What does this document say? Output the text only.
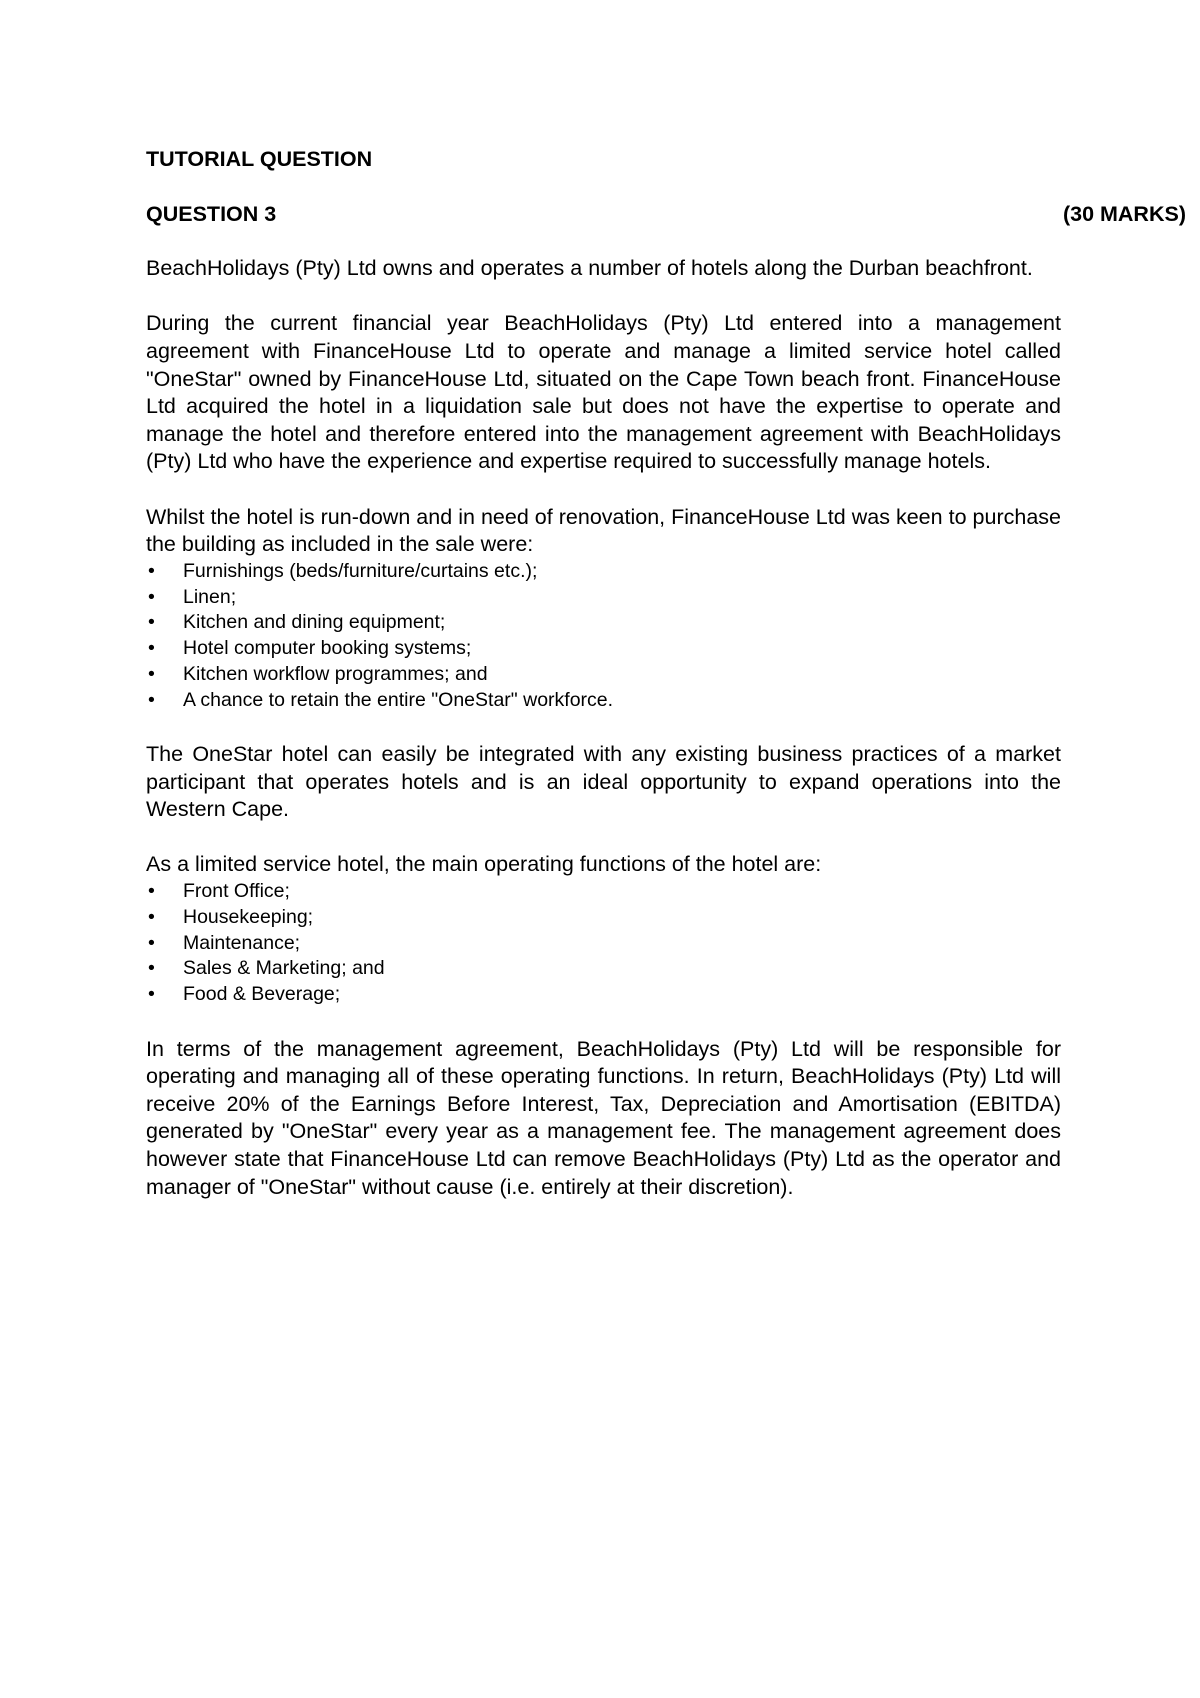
TUTORIAL QUESTION
QUESTION 3	(30 MARKS)

BeachHolidays (Pty) Ltd owns and operates a number of hotels along the Durban beachfront.

During the current financial year BeachHolidays (Pty) Ltd entered into a management agreement with FinanceHouse Ltd to operate and manage a limited service hotel called "OneStar" owned by FinanceHouse Ltd, situated on the Cape Town beach front. FinanceHouse Ltd acquired the hotel in a liquidation sale but does not have the expertise to operate and manage the hotel and therefore entered into the management agreement with BeachHolidays (Pty) Ltd who have the experience and expertise required to successfully manage hotels.

Whilst the hotel is run-down and in need of renovation, FinanceHouse Ltd was keen to purchase the building as included in the sale were:

• Furnishings (beds/furniture/curtains etc.);
• Linen;
• Kitchen and dining equipment;
• Hotel computer booking systems;
• Kitchen workflow programmes; and
• A chance to retain the entire "OneStar" workforce.

The OneStar hotel can easily be integrated with any existing business practices of a market participant that operates hotels and is an ideal opportunity to expand operations into the Western Cape.

As a limited service hotel, the main operating functions of the hotel are:

• Front Office;
• Housekeeping;
• Maintenance;
• Sales & Marketing; and
• Food & Beverage;

In terms of the management agreement, BeachHolidays (Pty) Ltd will be responsible for operating and managing all of these operating functions. In return, BeachHolidays (Pty) Ltd will receive 20% of the Earnings Before Interest, Tax, Depreciation and Amortisation (EBITDA) generated by "OneStar" every year as a management fee. The management agreement does however state that FinanceHouse Ltd can remove BeachHolidays (Pty) Ltd as the operator and manager of "OneStar" without cause (i.e. entirely at their discretion).
